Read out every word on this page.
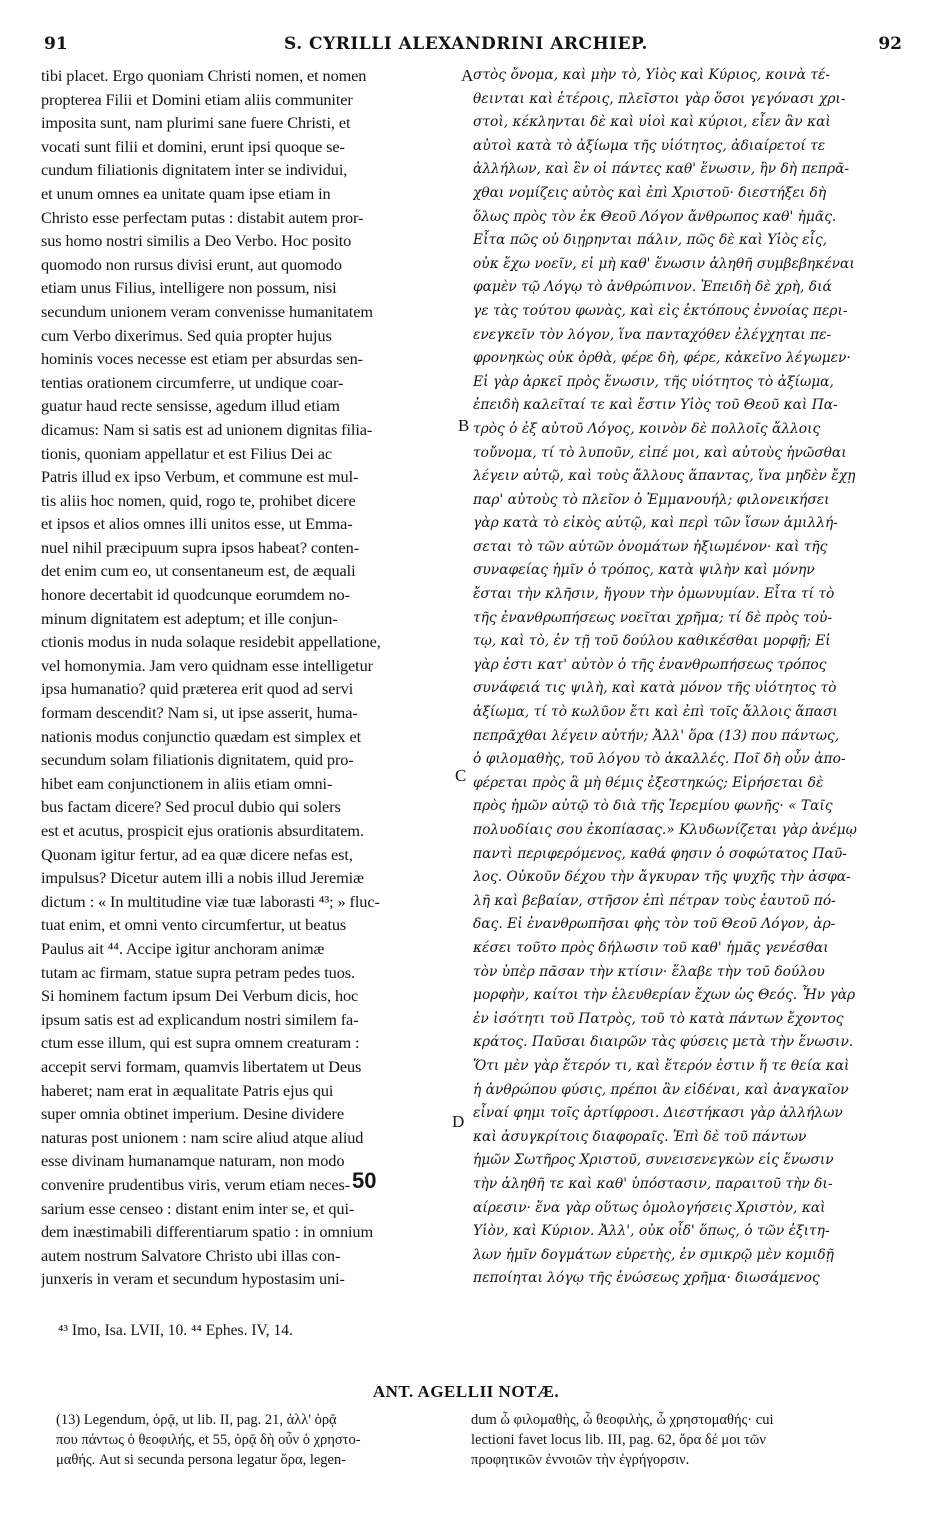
91	S. CYRILLI ALEXANDRINI ARCHIEP.	92
tibi placet. Ergo quoniam Christi nomen, et nomen
propterea Filii et Domini etiam aliis communiter
imposita sunt, nam plurimi sane fuere Christi, et
vocati sunt filii et domini, erunt ipsi quoque se-
cundum filiationis dignitatem inter se individui,
et unum omnes ea unitate quam ipse etiam in
Christo esse perfectam putas : distabit autem pror-
sus homo nostri similis a Deo Verbo. Hoc posito
quomodo non rursus divisi erunt, aut quomodo
etiam unus Filius, intelligere non possum, nisi
secundum unionem veram convenisse humanitatem
cum Verbo dixerimus. Sed quia propter hujus
hominis voces necesse est etiam per absurdas sen-
tentias orationem circumferre, ut undique coar-
guatur haud recte sensisse, agedum illud etiam
dicamus: Nam si satis est ad unionem dignitas filia-
tionis, quoniam appellatur et est Filius Dei ac
Patris illud ex ipso Verbum, et commune est mul-
tis aliis hoc nomen, quid, rogo te, prohibet dicere
et ipsos et alios omnes illi unitos esse, ut Emma-
nuel nihil præcipuum supra ipsos habeat? conten-
det enim cum eo, ut consentaneum est, de æquali
honore decertabit id quodcunque eorumdem no-
minum dignitatem est adeptum; et ille conjun-
ctionis modus in nuda solaque residebit appellatione,
vel homonymia. Jam vero quidnam esse intelligetur
ipsa humanatio? quid præterea erit quod ad servi
formam descendit? Nam si, ut ipse asserit, huma-
nationis modus conjunctio quædam est simplex et
secundum solam filiationis dignitatem, quid pro-
hibet eam conjunctionem in aliis etiam omni-
bus factam dicere? Sed procul dubio qui solers
est et acutus, prospicit ejus orationis absurditatem.
Quonam igitur fertur, ad ea quæ dicere nefas est,
impulsus? Dicetur autem illi a nobis illud Jeremiæ
dictum : « In multitudine viæ tuæ laborasti ⁴³; » fluc-
tuat enim, et omni vento circumfertur, ut beatus
Paulus ait ⁴⁴. Accipe igitur anchoram animæ
tutam ac firmam, statue supra petram pedes tuos.
Si hominem factum ipsum Dei Verbum dicis, hoc
ipsum satis est ad explicandum nostri similem fa-
ctum esse illum, qui est supra omnem creaturam :
accepit servi formam, quamvis libertatem ut Deus
haberet; nam erat in æqualitate Patris ejus qui
super omnia obtinet imperium. Desine dividere
naturas post unionem : nam scire aliud atque aliud
esse divinam humanamque naturam, non modo
convenire prudentibus viris, verum etiam neces-
sarium esse censeo : distant enim inter se, et qui-
dem inæstimabili differentiarum spatio : in omnium
autem nostrum Salvatore Christo ubi illas con-
junxeris in veram et secundum hypostasim uni-
στὸς ὄνομα, καὶ μὴν τὸ, Υἱὸς καὶ Κύριος, κοινὰ τέ-
θεινται καὶ ἑτέροις, πλεῖστοι γὰρ ὅσοι γεγόνασι χρι-
στοὶ, κέκληνται δὲ καὶ υἱοὶ καὶ κύριοι, εἶεν ἂν καὶ
αὐτοὶ κατὰ τὸ ἀξίωμα τῆς υἱότητος, ἀδιαίρετοί τε
ἀλλήλων, καὶ ἓν οἱ πάντες καθ' ἕνωσιν, ἣν δὴ πεπρᾶ-
χθαι νομίζεις αὐτὸς καὶ ἐπὶ Χριστοῦ· διεστήξει δὴ
ὅλως πρὸς τὸν ἐκ Θεοῦ Λόγον ἄνθρωπος καθ' ἡμᾶς.
Εἶτα πῶς οὐ διῃρηνται πάλιν, πῶς δὲ καὶ Υἱὸς εἷς,
οὐκ ἔχω νοεῖν, εἰ μὴ καθ' ἕνωσιν ἀληθῆ συμβεβηκέναι
φαμὲν τῷ Λόγῳ τὸ ἀνθρώπινον. Ἐπειδὴ δὲ χρὴ, διά
γε τὰς τούτου φωνὰς, καὶ εἰς ἐκτόπους ἐννοίας περι-
ενεγκεῖν τὸν λόγον, ἵνα πανταχόθεν ἐλέγχηται πε-
φρονηκὼς οὐκ ὀρθὰ, φέρε δὴ, φέρε, κἀκεῖνο λέγωμεν·
Εἰ γὰρ ἀρκεῖ πρὸς ἕνωσιν, τῆς υἱότητος τὸ ἀξίωμα,
ἐπειδὴ καλεῖταί τε καὶ ἔστιν Υἱὸς τοῦ Θεοῦ καὶ Πα-
τρὸς ὁ ἐξ αὐτοῦ Λόγος, κοινὸν δὲ πολλοῖς ἄλλοις
τοὔνομα, τί τὸ λυποῦν, εἰπέ μοι, καὶ αὐτοὺς ἡνῶσθαι
λέγειν αὐτῷ, καὶ τοὺς ἄλλους ἅπαντας, ἵνα μηδὲν ἔχῃ
παρ' αὐτοὺς τὸ πλεῖον ὁ Ἐμμανουήλ; φιλονεικήσει
γὰρ κατὰ τὸ εἰκὸς αὐτῷ, καὶ περὶ τῶν ἴσων ἁμιλλή-
σεται τὸ τῶν αὐτῶν ὀνομάτων ἠξιωμένον· καὶ τῆς
συναφείας ἡμῖν ὁ τρόπος, κατὰ ψιλὴν καὶ μόνην
ἔσται τὴν κλῆσιν, ἤγουν τὴν ὁμωνυμίαν. Εἶτα τί τὸ
τῆς ἐνανθρωπήσεως νοεῖται χρῆμα; τί δὲ πρὸς τοὐ-
τῳ, καὶ τὸ, ἐν τῇ τοῦ δούλου καθικέσθαι μορφῇ; Εἰ
γὰρ ἐστι κατ' αὐτὸν ὁ τῆς ἐνανθρωπήσεως τρόπος
συνάφειά τις ψιλὴ, καὶ κατὰ μόνον τῆς υἱότητος τὸ
ἀξίωμα, τί τὸ κωλῦον ἔτι καὶ ἐπὶ τοῖς ἄλλοις ἅπασι
πεπρᾶχθαι λέγειν αὐτήν; Ἀλλ' ὅρα (13) που πάντως,
ὁ φιλομαθὴς, τοῦ λόγου τὸ ἀκαλλές. Ποῖ δὴ οὖν ἀπο-
φέρεται πρὸς ἃ μὴ θέμις ἐξεστηκώς; Εἰρήσεται δὲ
πρὸς ἡμῶν αὐτῷ τὸ διὰ τῆς Ἱερεμίου φωνῆς· « Ταῖς
πολυοδίαις σου ἐκοπίασας.» Κλυδωνίζεται γὰρ ἀνέμῳ
παντὶ περιφερόμενος, καθά φησιν ὁ σοφώτατος Παῦ-
λος. Οὐκοῦν δέχου τὴν ἄγκυραν τῆς ψυχῆς τὴν ἀσφα-
λῆ καὶ βεβαίαν, στῆσον ἐπὶ πέτραν τοὺς ἑαυτοῦ πό-
δας. Εἰ ἐνανθρωπῆσαι φὴς τὸν τοῦ Θεοῦ Λόγον, ἀρ-
κέσει τοῦτο πρὸς δήλωσιν τοῦ καθ' ἡμᾶς γενέσθαι
τὸν ὑπὲρ πᾶσαν τὴν κτίσιν· ἔλαβε τὴν τοῦ δούλου
μορφὴν, καίτοι τὴν ἐλευθερίαν ἔχων ὡς Θεός. Ἦν γὰρ
ἐν ἰσότητι τοῦ Πατρὸς, τοῦ τὸ κατὰ πάντων ἔχοντος
κράτος. Παῦσαι διαιρῶν τὰς φύσεις μετὰ τὴν ἕνωσιν.
Ὅτι μὲν γὰρ ἕτερόν τι, καὶ ἕτερόν ἐστιν ἥ τε θεία καὶ
ἡ ἀνθρώπου φύσις, πρέποι ἂν εἰδέναι, καὶ ἀναγκαῖον
εἶναί φημι τοῖς ἀρτίφροσι. Διεστήκασι γὰρ ἀλλήλων
καὶ ἀσυγκρίτοις διαφοραῖς. Ἐπὶ δὲ τοῦ πάντων
ἡμῶν Σωτῆρος Χριστοῦ, συνεισενεγκὼν εἰς ἕνωσιν
τὴν ἀληθῆ τε καὶ καθ' ὑπόστασιν, παραιτοῦ τὴν δι-
αίρεσιν· ἕνα γὰρ οὕτως ὁμολογήσεις Χριστὸν, καὶ
Υἱὸν, καὶ Κύριον. Ἀλλ', οὐκ οἶδ' ὅπως, ὁ τῶν ἐξιτη-
λων ἡμῖν δογμάτων εὑρετὴς, ἐν σμικρῷ μὲν κομιδῇ
πεποίηται λόγῳ τῆς ἑνώσεως χρῆμα· διωσάμενος
A
B
C
D
50
⁴³ Imo, Isa. LVII, 10. ⁴⁴ Ephes. IV, 14.
ANT. AGELLII NOTÆ.
(13) Legendum, ὁρᾷ, ut lib. II, pag. 21, ἀλλ' ὁρᾷ
που πάντως ὁ θεοφιλής, et 55, ὁρᾷ δὴ οὖν ὁ χρηστο-
μαθής. Aut si secunda persona legatur ὅρα, legen-
dum ὦ φιλομαθὴς, ὦ θεοφιλὴς, ὦ χρηστομαθής· cui
lectioni favet locus lib. III, pag. 62, ὅρα δέ μοι τῶν
προφητικῶν ἐννοιῶν τὴν ἐγρήγορσιν.
